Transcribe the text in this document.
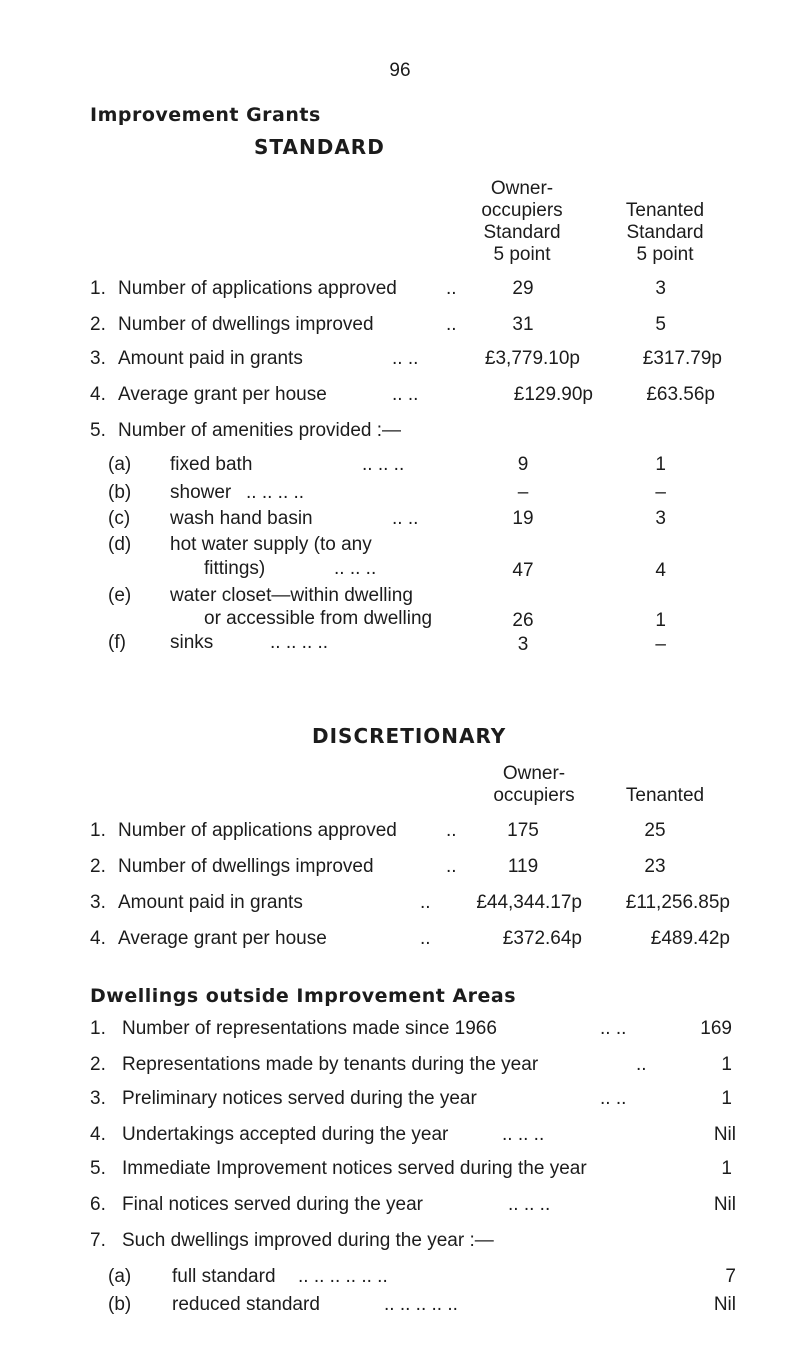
96
Improvement Grants
STANDARD
Owner-
occupiers
Standard
5 point
Tenanted
Standard
5 point
1. Number of applications approved	..	29	3
2. Number of dwellings improved	..	31	5
3. Amount paid in grants	.. ..	£3,779.10p	£317.79p
4. Average grant per house	.. ..	£129.90p	£63.56p
5. Number of amenities provided :—
(a) fixed bath	.. .. ..	9	1
(b) shower .. .. .. ..	–	–
(c) wash hand basin	.. ..	19	3
(d) hot water supply (to any
fittings)	.. .. ..	47	4
(e) water closet—within dwelling
or accessible from dwelling	26	1
(f) sinks	.. .. .. ..	3	–
DISCRETIONARY
Owner-
occupiers	Tenanted
1. Number of applications approved	..	175	25
2. Number of dwellings improved	..	119	23
3. Amount paid in grants	..	£44,344.17p	£11,256.85p
4. Average grant per house	..	£372.64p	£489.42p
Dwellings outside Improvement Areas
1. Number of representations made since 1966	.. ..	169
2. Representations made by tenants during the year	..	1
3. Preliminary notices served during the year	.. ..	1
4. Undertakings accepted during the year	.. .. ..	Nil
5. Immediate Improvement notices served during the year	1
6. Final notices served during the year	.. .. ..	Nil
7. Such dwellings improved during the year :—
(a) full standard .. .. .. .. .. ..	7
(b) reduced standard	.. .. .. .. ..	Nil
